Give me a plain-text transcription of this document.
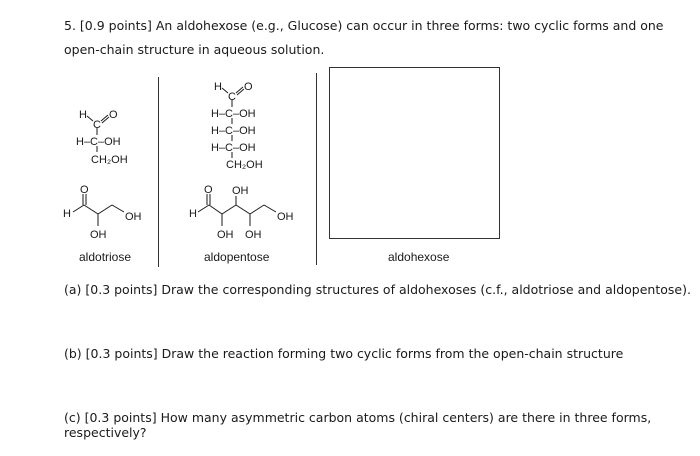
5. [0.9 points] An aldohexose (e.g., Glucose) can occur in three forms: two cyclic forms and one open-chain structure in aqueous solution.
H
C
O
H–C–OH
CH₂OH
H
C
O
H–C–OH
H–C–OH
H–C–OH
CH₂OH
O
H	OH
OH
O OH
H	OH
OH OH
aldotriose	aldopentose	aldohexose
(a) [0.3 points] Draw the corresponding structures of aldohexoses (c.f., aldotriose and aldopentose).
(b) [0.3 points] Draw the reaction forming two cyclic forms from the open-chain structure
(c) [0.3 points] How many asymmetric carbon atoms (chiral centers) are there in three forms, respectively?
